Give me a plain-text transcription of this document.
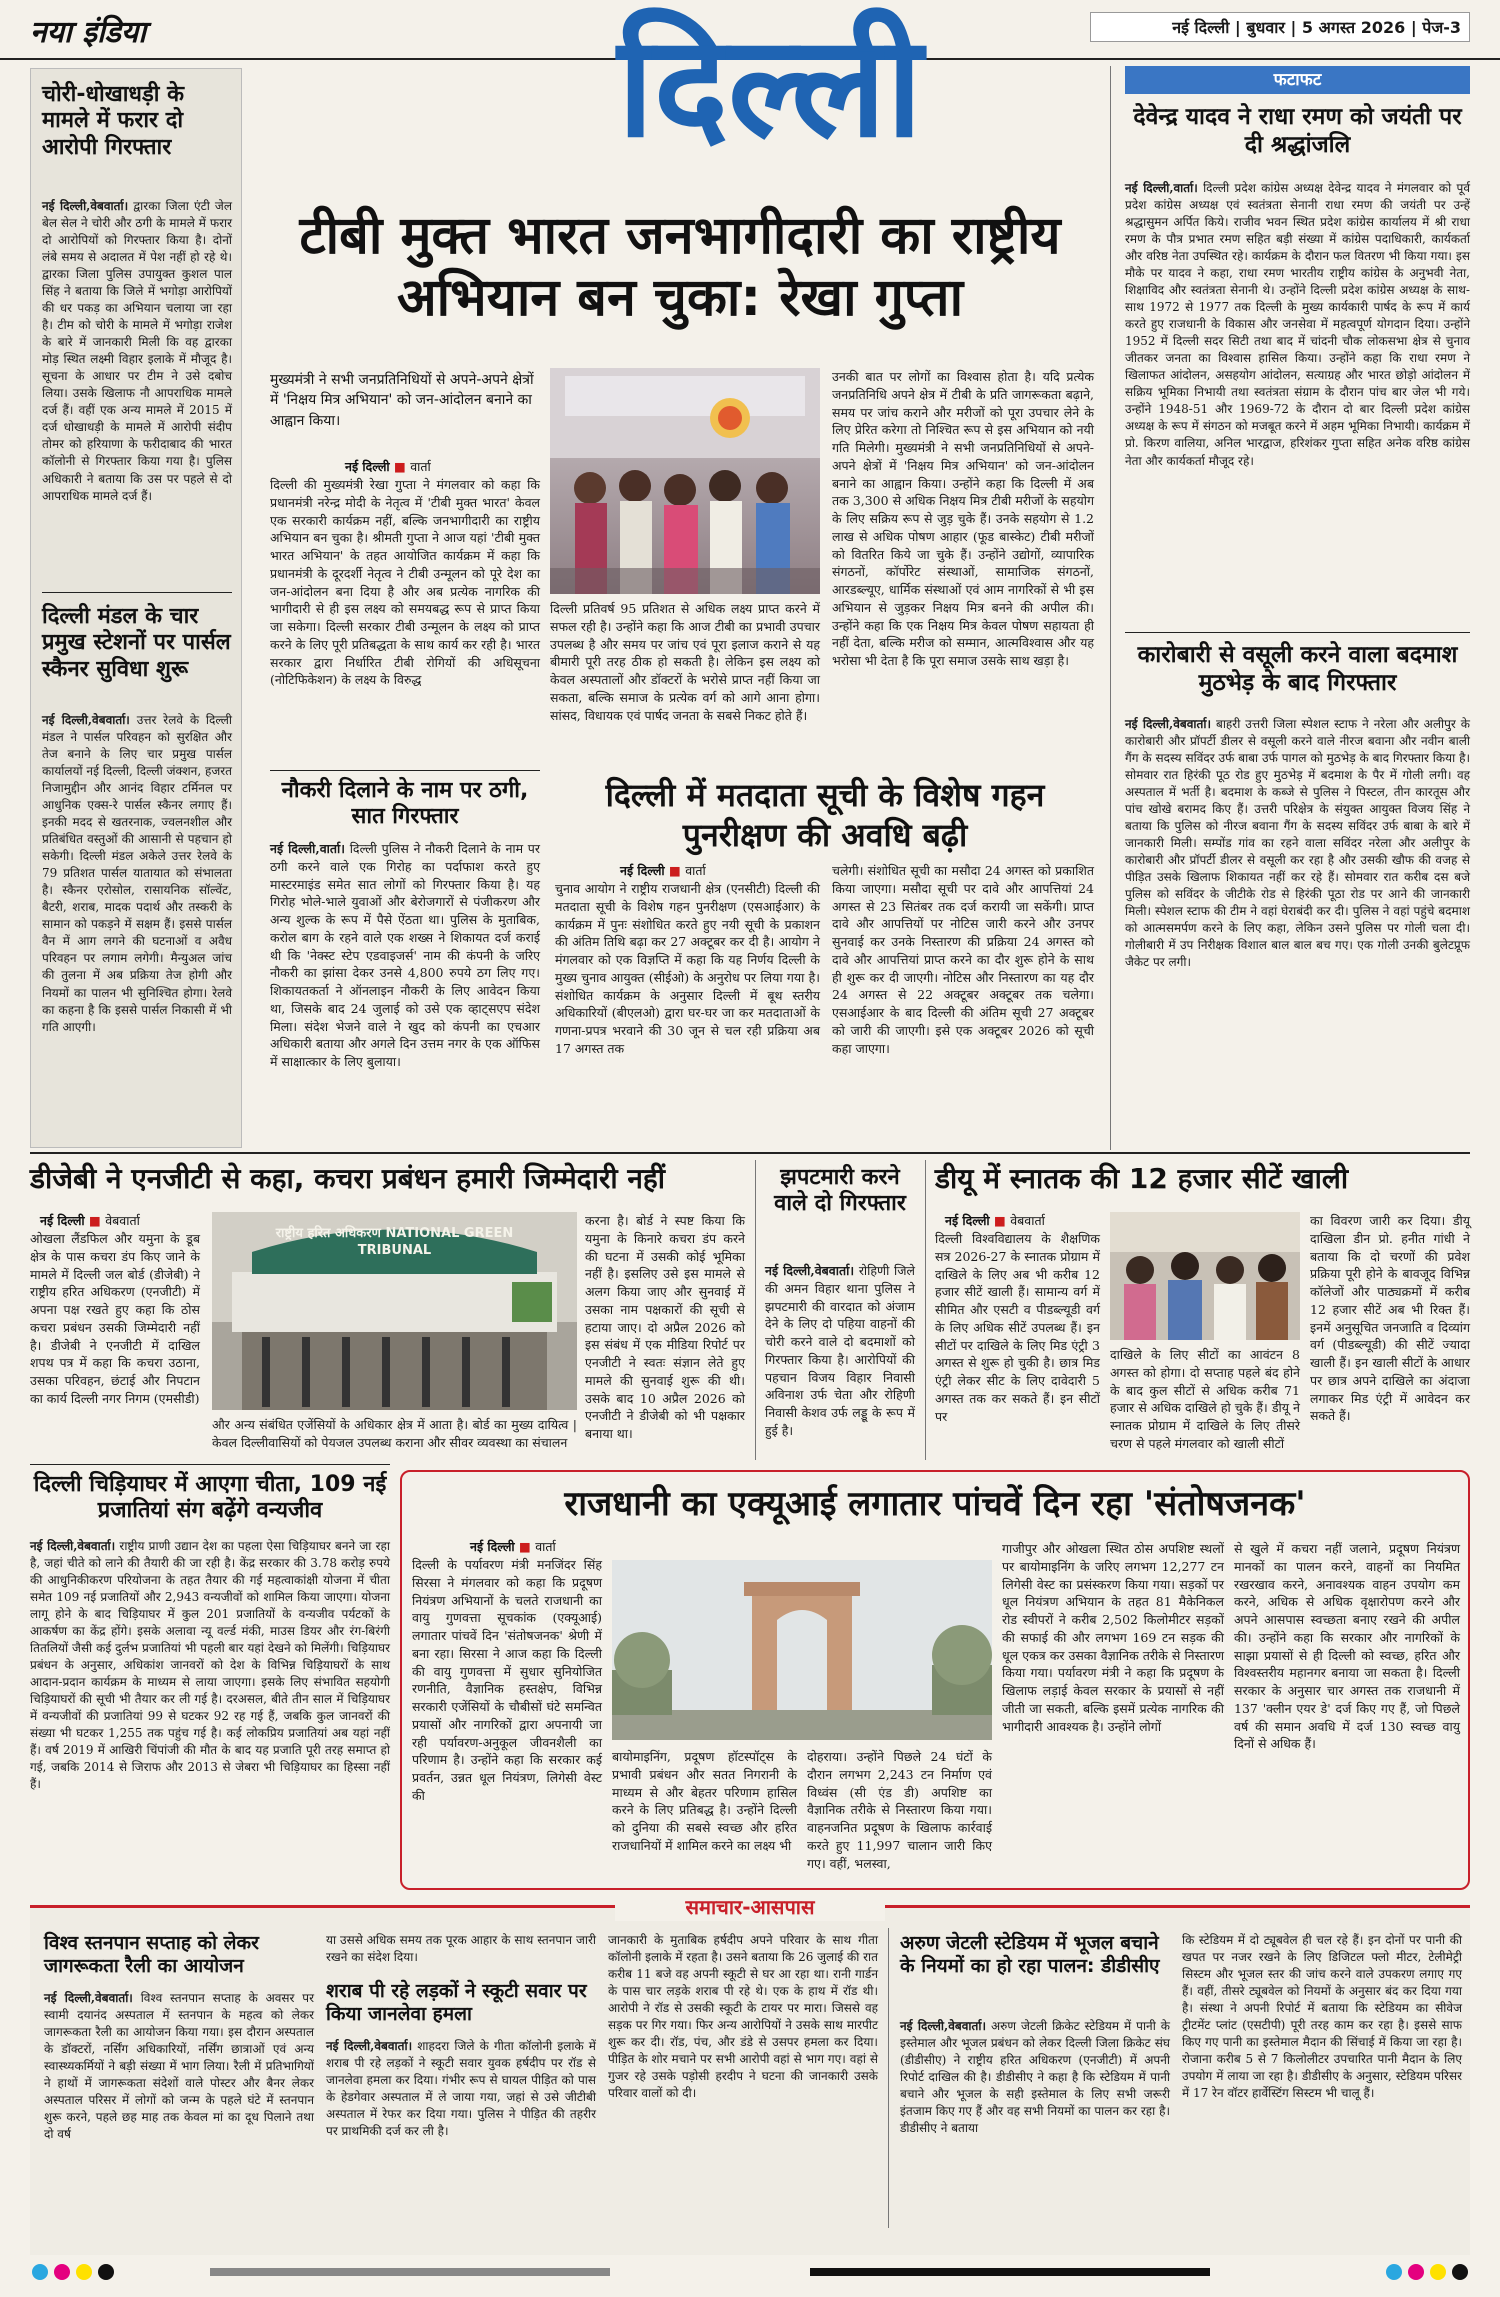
नया इंडिया	नई दिल्ली | बुधवार | 5 अगस्त 2026 | पेज-3
दिल्ली
चोरी-धोखाधड़ी के मामले में फरार दो आरोपी गिरफ्तार
नई दिल्ली,वेबवार्ता। द्वारका जिला एंटी जेल बेल सेल ने चोरी और ठगी के मामले में फरार दो आरोपियों को गिरफ्तार किया है। दोनों लंबे समय से अदालत में पेश नहीं हो रहे थे। द्वारका जिला पुलिस उपायुक्त कुशल पाल सिंह ने बताया कि जिले में भगोड़ा आरोपियों की धर पकड़ का अभियान चलाया जा रहा है। टीम को चोरी के मामले में भगोड़ा राजेश के बारे में जानकारी मिली कि वह द्वारका मोड़ स्थित लक्ष्मी विहार इलाके में मौजूद है। सूचना के आधार पर टीम ने उसे दबोच लिया। उसके खिलाफ नौ आपराधिक मामले दर्ज हैं। वहीं एक अन्य मामले में 2015 में दर्ज धोखाधड़ी के मामले में आरोपी संदीप तोमर को हरियाणा के फरीदाबाद की भारत कॉलोनी से गिरफ्तार किया गया है। पुलिस अधिकारी ने बताया कि उस पर पहले से दो आपराधिक मामले दर्ज हैं।
दिल्ली मंडल के चार प्रमुख स्टेशनों पर पार्सल स्कैनर सुविधा शुरू
नई दिल्ली,वेबवार्ता। उत्तर रेलवे के दिल्ली मंडल ने पार्सल परिवहन को सुरक्षित और तेज बनाने के लिए चार प्रमुख पार्सल कार्यालयों नई दिल्ली, दिल्ली जंक्शन, हजरत निजामुद्दीन और आनंद विहार टर्मिनल पर आधुनिक एक्स-रे पार्सल स्कैनर लगाए हैं। इनकी मदद से खतरनाक, ज्वलनशील और प्रतिबंधित वस्तुओं की आसानी से पहचान हो सकेगी। दिल्ली मंडल अकेले उत्तर रेलवे के 79 प्रतिशत पार्सल यातायात को संभालता है। स्कैनर एरोसोल, रासायनिक सॉल्वेंट, बैटरी, शराब, मादक पदार्थ और तस्करी के सामान को पकड़ने में सक्षम हैं। इससे पार्सल वैन में आग लगने की घटनाओं व अवैध परिवहन पर लगाम लगेगी। मैन्युअल जांच की तुलना में अब प्रक्रिया तेज होगी और नियमों का पालन भी सुनिश्चित होगा। रेलवे का कहना है कि इससे पार्सल निकासी में भी गति आएगी।
टीबी मुक्त भारत जनभागीदारी का राष्ट्रीय अभियान बन चुका: रेखा गुप्ता
मुख्यमंत्री ने सभी जनप्रतिनिधियों से अपने-अपने क्षेत्रों में 'निक्षय मित्र अभियान' को जन-आंदोलन बनाने का आह्वान किया।
नई दिल्ली ■ वार्ता
दिल्ली की मुख्यमंत्री रेखा गुप्ता ने मंगलवार को कहा कि प्रधानमंत्री नरेन्द्र मोदी के नेतृत्व में 'टीबी मुक्त भारत' केवल एक सरकारी कार्यक्रम नहीं, बल्कि जनभागीदारी का राष्ट्रीय अभियान बन चुका है। श्रीमती गुप्ता ने आज यहां 'टीबी मुक्त भारत अभियान' के तहत आयोजित कार्यक्रम में कहा कि प्रधानमंत्री के दूरदर्शी नेतृत्व ने टीबी उन्मूलन को पूरे देश का जन-आंदोलन बना दिया है और अब प्रत्येक नागरिक की भागीदारी से ही इस लक्ष्य को समयबद्ध रूप से प्राप्त किया जा सकेगा। दिल्ली सरकार टीबी उन्मूलन के लक्ष्य को प्राप्त करने के लिए पूरी प्रतिबद्धता के साथ कार्य कर रही है। भारत सरकार द्वारा निर्धारित टीबी रोगियों की अधिसूचना (नोटिफिकेशन) के लक्ष्य के विरुद्ध
दिल्ली प्रतिवर्ष 95 प्रतिशत से अधिक लक्ष्य प्राप्त करने में सफल रही है। उन्होंने कहा कि आज टीबी का प्रभावी उपचार उपलब्ध है और समय पर जांच एवं पूरा इलाज कराने से यह बीमारी पूरी तरह ठीक हो सकती है। लेकिन इस लक्ष्य को केवल अस्पतालों और डॉक्टरों के भरोसे प्राप्त नहीं किया जा सकता, बल्कि समाज के प्रत्येक वर्ग को आगे आना होगा। सांसद, विधायक एवं पार्षद जनता के सबसे निकट होते हैं।
उनकी बात पर लोगों का विश्वास होता है। यदि प्रत्येक जनप्रतिनिधि अपने क्षेत्र में टीबी के प्रति जागरूकता बढ़ाने, समय पर जांच कराने और मरीजों को पूरा उपचार लेने के लिए प्रेरित करेगा तो निश्चित रूप से इस अभियान को नयी गति मिलेगी। मुख्यमंत्री ने सभी जनप्रतिनिधियों से अपने-अपने क्षेत्रों में 'निक्षय मित्र अभियान' को जन-आंदोलन बनाने का आह्वान किया। उन्होंने कहा कि दिल्ली में अब तक 3,300 से अधिक निक्षय मित्र टीबी मरीजों के सहयोग के लिए सक्रिय रूप से जुड़ चुके हैं। उनके सहयोग से 1.2 लाख से अधिक पोषण आहार (फूड बास्केट) टीबी मरीजों को वितरित किये जा चुके हैं। उन्होंने उद्योगों, व्यापारिक संगठनों, कॉर्पोरेट संस्थाओं, सामाजिक संगठनों, आरडब्ल्यूए, धार्मिक संस्थाओं एवं आम नागरिकों से भी इस अभियान से जुड़कर निक्षय मित्र बनने की अपील की। उन्होंने कहा कि एक निक्षय मित्र केवल पोषण सहायता ही नहीं देता, बल्कि मरीज को सम्मान, आत्मविश्वास और यह भरोसा भी देता है कि पूरा समाज उसके साथ खड़ा है।
नौकरी दिलाने के नाम पर ठगी, सात गिरफ्तार
नई दिल्ली,वार्ता। दिल्ली पुलिस ने नौकरी दिलाने के नाम पर ठगी करने वाले एक गिरोह का पर्दाफाश करते हुए मास्टरमाइंड समेत सात लोगों को गिरफ्तार किया है। यह गिरोह भोले-भाले युवाओं और बेरोजगारों से पंजीकरण और अन्य शुल्क के रूप में पैसे ऐंठता था। पुलिस के मुताबिक, करोल बाग के रहने वाले एक शख्स ने शिकायत दर्ज कराई थी कि 'नेक्स्ट स्टेप एडवाइजर्स' नाम की कंपनी के जरिए नौकरी का झांसा देकर उनसे 4,800 रुपये ठग लिए गए। शिकायतकर्ता ने ऑनलाइन नौकरी के लिए आवेदन किया था, जिसके बाद 24 जुलाई को उसे एक व्हाट्सएप संदेश मिला। संदेश भेजने वाले ने खुद को कंपनी का एचआर अधिकारी बताया और अगले दिन उत्तम नगर के एक ऑफिस में साक्षात्कार के लिए बुलाया।
दिल्ली में मतदाता सूची के विशेष गहन पुनरीक्षण की अवधि बढ़ी
नई दिल्ली ■ वार्ता
चुनाव आयोग ने राष्ट्रीय राजधानी क्षेत्र (एनसीटी) दिल्ली की मतदाता सूची के विशेष गहन पुनरीक्षण (एसआईआर) के कार्यक्रम में पुनः संशोधित करते हुए नयी सूची के प्रकाशन की अंतिम तिथि बढ़ा कर 27 अक्टूबर कर दी है। आयोग ने मंगलवार को एक विज्ञप्ति में कहा कि यह निर्णय दिल्ली के मुख्य चुनाव आयुक्त (सीईओ) के अनुरोध पर लिया गया है। संशोधित कार्यक्रम के अनुसार दिल्ली में बूथ स्तरीय अधिकारियों (बीएलओ) द्वारा घर-घर जा कर मतदाताओं के गणना-प्रपत्र भरवाने की 30 जून से चल रही प्रक्रिया अब 17 अगस्त तक
चलेगी। संशोधित सूची का मसौदा 24 अगस्त को प्रकाशित किया जाएगा। मसौदा सूची पर दावे और आपत्तियां 24 अगस्त से 23 सितंबर तक दर्ज करायी जा सकेंगी। प्राप्त दावे और आपत्तियों पर नोटिस जारी करने और उनपर सुनवाई कर उनके निस्तारण की प्रक्रिया 24 अगस्त को दावे और आपत्तियां प्राप्त करने का दौर शुरू होने के साथ ही शुरू कर दी जाएगी। नोटिस और निस्तारण का यह दौर 24 अगस्त से 22 अक्टूबर अक्टूबर तक चलेगा। एसआईआर के बाद दिल्ली की अंतिम सूची 27 अक्टूबर को जारी की जाएगी। इसे एक अक्टूबर 2026 को सूची कहा जाएगा।
फटाफट
देवेन्द्र यादव ने राधा रमण को जयंती पर दी श्रद्धांजलि
नई दिल्ली,वार्ता। दिल्ली प्रदेश कांग्रेस अध्यक्ष देवेन्द्र यादव ने मंगलवार को पूर्व प्रदेश कांग्रेस अध्यक्ष एवं स्वतंत्रता सेनानी राधा रमण की जयंती पर उन्हें श्रद्धासुमन अर्पित किये। राजीव भवन स्थित प्रदेश कांग्रेस कार्यालय में श्री राधा रमण के पौत्र प्रभात रमण सहित बड़ी संख्या में कांग्रेस पदाधिकारी, कार्यकर्ता और वरिष्ठ नेता उपस्थित रहे। कार्यक्रम के दौरान फल वितरण भी किया गया। इस मौके पर यादव ने कहा, राधा रमण भारतीय राष्ट्रीय कांग्रेस के अनुभवी नेता, शिक्षाविद और स्वतंत्रता सेनानी थे। उन्होंने दिल्ली प्रदेश कांग्रेस अध्यक्ष के साथ-साथ 1972 से 1977 तक दिल्ली के मुख्य कार्यकारी पार्षद के रूप में कार्य करते हुए राजधानी के विकास और जनसेवा में महत्वपूर्ण योगदान दिया। उन्होंने 1952 में दिल्ली सदर सिटी तथा बाद में चांदनी चौक लोकसभा क्षेत्र से चुनाव जीतकर जनता का विश्वास हासिल किया। उन्होंने कहा कि राधा रमण ने खिलाफत आंदोलन, असहयोग आंदोलन, सत्याग्रह और भारत छोड़ो आंदोलन में सक्रिय भूमिका निभायी तथा स्वतंत्रता संग्राम के दौरान पांच बार जेल भी गये। उन्होंने 1948-51 और 1969-72 के दौरान दो बार दिल्ली प्रदेश कांग्रेस अध्यक्ष के रूप में संगठन को मजबूत करने में अहम भूमिका निभायी। कार्यक्रम में प्रो. किरण वालिया, अनिल भारद्वाज, हरिशंकर गुप्ता सहित अनेक वरिष्ठ कांग्रेस नेता और कार्यकर्ता मौजूद रहे।
कारोबारी से वसूली करने वाला बदमाश मुठभेड़ के बाद गिरफ्तार
नई दिल्ली,वेबवार्ता। बाहरी उत्तरी जिला स्पेशल स्टाफ ने नरेला और अलीपुर के कारोबारी और प्रॉपर्टी डीलर से वसूली करने वाले नीरज बवाना और नवीन बाली गैंग के सदस्य सविंदर उर्फ बाबा उर्फ पागल को मुठभेड़ के बाद गिरफ्तार किया है। सोमवार रात हिरंकी पूठ रोड हुए मुठभेड़ में बदमाश के पैर में गोली लगी। वह अस्पताल में भर्ती है। बदमाश के कब्जे से पुलिस ने पिस्टल, तीन कारतूस और पांच खोखे बरामद किए हैं। उत्तरी परिक्षेत्र के संयुक्त आयुक्त विजय सिंह ने बताया कि पुलिस को नीरज बवाना गैंग के सदस्य सविंदर उर्फ बाबा के बारे में जानकारी मिली। सम्पोंड गांव का रहने वाला सविंदर नरेला और अलीपुर के कारोबारी और प्रॉपर्टी डीलर से वसूली कर रहा है और उसकी खौफ की वजह से पीड़ित उसके खिलाफ शिकायत नहीं कर रहे हैं। सोमवार रात करीब दस बजे पुलिस को सविंदर के जीटीके रोड से हिरंकी पूठा रोड पर आने की जानकारी मिली। स्पेशल स्टाफ की टीम ने वहां घेराबंदी कर दी। पुलिस ने वहां पहुंचे बदमाश को आत्मसमर्पण करने के लिए कहा, लेकिन उसने पुलिस पर गोली चला दी। गोलीबारी में उप निरीक्षक विशाल बाल बाल बच गए। एक गोली उनकी बुलेटप्रूफ जैकेट पर लगी।
डीजेबी ने एनजीटी से कहा, कचरा प्रबंधन हमारी जिम्मेदारी नहीं
नई दिल्ली ■ वेबवार्ता
ओखला लैंडफिल और यमुना के डूब क्षेत्र के पास कचरा डंप किए जाने के मामले में दिल्ली जल बोर्ड (डीजेबी) ने राष्ट्रीय हरित अधिकरण (एनजीटी) में अपना पक्ष रखते हुए कहा कि ठोस कचरा प्रबंधन उसकी जिम्मेदारी नहीं है। डीजेबी ने एनजीटी में दाखिल शपथ पत्र में कहा कि कचरा उठाना, उसका परिवहन, छंटाई और निपटान का कार्य दिल्ली नगर निगम (एमसीडी)
राष्ट्रीय हरित अधिकरण NATIONAL GREEN TRIBUNAL
और अन्य संबंधित एजेंसियों के अधिकार क्षेत्र में आता है। बोर्ड का मुख्य दायित्व | केवल दिल्लीवासियों को पेयजल उपलब्ध कराना और सीवर व्यवस्था का संचालन
करना है। बोर्ड ने स्पष्ट किया कि यमुना के किनारे कचरा डंप करने की घटना में उसकी कोई भूमिका नहीं है। इसलिए उसे इस मामले से अलग किया जाए और सुनवाई में उसका नाम पक्षकारों की सूची से हटाया जाए। दो अप्रैल 2026 को इस संबंध में एक मीडिया रिपोर्ट पर एनजीटी ने स्वतः संज्ञान लेते हुए मामले की सुनवाई शुरू की थी। उसके बाद 10 अप्रैल 2026 को एनजीटी ने डीजेबी को भी पक्षकार बनाया था।
झपटमारी करने वाले दो गिरफ्तार
नई दिल्ली,वेबवार्ता। रोहिणी जिले की अमन विहार थाना पुलिस ने झपटमारी की वारदात को अंजाम देने के लिए दो पहिया वाहनों की चोरी करने वाले दो बदमाशों को गिरफ्तार किया है। आरोपियों की पहचान विजय विहार निवासी अविनाश उर्फ चेता और रोहिणी निवासी केशव उर्फ लड्डू के रूप में हुई है।
डीयू में स्नातक की 12 हजार सीटें खाली
नई दिल्ली ■ वेबवार्ता
दिल्ली विश्वविद्यालय के शैक्षणिक सत्र 2026-27 के स्नातक प्रोग्राम में दाखिले के लिए अब भी करीब 12 हजार सीटें खाली हैं। सामान्य वर्ग में सीमित और एसटी व पीडब्ल्यूडी वर्ग के लिए अधिक सीटें उपलब्ध हैं। इन सीटों पर दाखिले के लिए मिड एंट्री 3 अगस्त से शुरू हो चुकी है। छात्र मिड एंट्री लेकर सीट के लिए दावेदारी 5 अगस्त तक कर सकते हैं। इन सीटों पर
दाखिले के लिए सीटों का आवंटन 8 अगस्त को होगा। दो सप्ताह पहले बंद होने के बाद कुल सीटों से अधिक करीब 71 हजार से अधिक दाखिले हो चुके हैं। डीयू ने स्नातक प्रोग्राम में दाखिले के लिए तीसरे चरण से पहले मंगलवार को खाली सीटों
का विवरण जारी कर दिया। डीयू दाखिला डीन प्रो. हनीत गांधी ने बताया कि दो चरणों की प्रवेश प्रक्रिया पूरी होने के बावजूद विभिन्न कॉलेजों और पाठ्यक्रमों में करीब 12 हजार सीटें अब भी रिक्त हैं। इनमें अनुसूचित जनजाति व दिव्यांग वर्ग (पीडब्ल्यूडी) की सीटें ज्यादा खाली हैं। इन खाली सीटों के आधार पर छात्र अपने दाखिले का अंदाजा लगाकर मिड एंट्री में आवेदन कर सकते हैं।
दिल्ली चिड़ियाघर में आएगा चीता, 109 नई प्रजातियां संग बढ़ेंगे वन्यजीव
नई दिल्ली,वेबवार्ता। राष्ट्रीय प्राणी उद्यान देश का पहला ऐसा चिड़ियाघर बनने जा रहा है, जहां चीते को लाने की तैयारी की जा रही है। केंद्र सरकार की 3.78 करोड़ रुपये की आधुनिकीकरण परियोजना के तहत तैयार की गई महत्वाकांक्षी योजना में चीता समेत 109 नई प्रजातियों और 2,943 वन्यजीवों को शामिल किया जाएगा। योजना लागू होने के बाद चिड़ियाघर में कुल 201 प्रजातियों के वन्यजीव पर्यटकों के आकर्षण का केंद्र होंगे। इसके अलावा न्यू वर्ल्ड मंकी, माउस डियर और रंग-बिरंगी तितलियों जैसी कई दुर्लभ प्रजातियां भी पहली बार यहां देखने को मिलेंगी। चिड़ियाघर प्रबंधन के अनुसार, अधिकांश जानवरों को देश के विभिन्न चिड़ियाघरों के साथ आदान-प्रदान कार्यक्रम के माध्यम से लाया जाएगा। इसके लिए संभावित सहयोगी चिड़ियाघरों की सूची भी तैयार कर ली गई है। दरअसल, बीते तीन साल में चिड़ियाघर में वन्यजीवों की प्रजातियां 99 से घटकर 92 रह गई हैं, जबकि कुल जानवरों की संख्या भी घटकर 1,255 तक पहुंच गई है। कई लोकप्रिय प्रजातियां अब यहां नहीं हैं। वर्ष 2019 में आखिरी चिंपांजी की मौत के बाद यह प्रजाति पूरी तरह समाप्त हो गई, जबकि 2014 से जिराफ और 2013 से जेबरा भी चिड़ियाघर का हिस्सा नहीं हैं।
राजधानी का एक्यूआई लगातार पांचवें दिन रहा 'संतोषजनक'
नई दिल्ली ■ वार्ता
दिल्ली के पर्यावरण मंत्री मनजिंदर सिंह सिरसा ने मंगलवार को कहा कि प्रदूषण नियंत्रण अभियानों के चलते राजधानी का वायु गुणवत्ता सूचकांक (एक्यूआई) लगातार पांचवें दिन 'संतोषजनक' श्रेणी में बना रहा। सिरसा ने आज कहा कि दिल्ली की वायु गुणवत्ता में सुधार सुनियोजित रणनीति, वैज्ञानिक हस्तक्षेप, विभिन्न सरकारी एजेंसियों के चौबीसों घंटे समन्वित प्रयासों और नागरिकों द्वारा अपनायी जा रही पर्यावरण-अनुकूल जीवनशैली का परिणाम है। उन्होंने कहा कि सरकार कई प्रवर्तन, उन्नत धूल नियंत्रण, लिगेसी वेस्ट की
बायोमाइनिंग, प्रदूषण हॉटस्पॉट्स के प्रभावी प्रबंधन और सतत निगरानी के माध्यम से और बेहतर परिणाम हासिल करने के लिए प्रतिबद्ध है। उन्होंने दिल्ली को दुनिया की सबसे स्वच्छ और हरित राजधानियों में शामिल करने का लक्ष्य भी
दोहराया। उन्होंने पिछले 24 घंटों के दौरान लगभग 2,243 टन निर्माण एवं विध्वंस (सी एंड डी) अपशिष्ट का वैज्ञानिक तरीके से निस्तारण किया गया। वाहनजनित प्रदूषण के खिलाफ कार्रवाई करते हुए 11,997 चालान जारी किए गए। वहीं, भलस्वा,
गाजीपुर और ओखला स्थित ठोस अपशिष्ट स्थलों पर बायोमाइनिंग के जरिए लगभग 12,277 टन लिगेसी वेस्ट का प्रसंस्करण किया गया। सड़कों पर धूल नियंत्रण अभियान के तहत 81 मैकेनिकल रोड स्वीपरों ने करीब 2,502 किलोमीटर सड़कों की सफाई की और लगभग 169 टन सड़क की धूल एकत्र कर उसका वैज्ञानिक तरीके से निस्तारण किया गया। पर्यावरण मंत्री ने कहा कि प्रदूषण के खिलाफ लड़ाई केवल सरकार के प्रयासों से नहीं जीती जा सकती, बल्कि इसमें प्रत्येक नागरिक की भागीदारी आवश्यक है। उन्होंने लोगों
से खुले में कचरा नहीं जलाने, प्रदूषण नियंत्रण मानकों का पालन करने, वाहनों का नियमित रखरखाव करने, अनावश्यक वाहन उपयोग कम करने, अधिक से अधिक वृक्षारोपण करने और अपने आसपास स्वच्छता बनाए रखने की अपील की। उन्होंने कहा कि सरकार और नागरिकों के साझा प्रयासों से ही दिल्ली को स्वच्छ, हरित और विश्वस्तरीय महानगर बनाया जा सकता है। दिल्ली सरकार के अनुसार चार अगस्त तक राजधानी में 137 'क्लीन एयर डे' दर्ज किए गए हैं, जो पिछले वर्ष की समान अवधि में दर्ज 130 स्वच्छ वायु दिनों से अधिक हैं।
समाचार-आसपास
विश्व स्तनपान सप्ताह को लेकर जागरूकता रैली का आयोजन
नई दिल्ली,वेबवार्ता। विश्व स्तनपान सप्ताह के अवसर पर स्वामी दयानंद अस्पताल में स्तनपान के महत्व को लेकर जागरूकता रैली का आयोजन किया गया। इस दौरान अस्पताल के डॉक्टरों, नर्सिंग अधिकारियों, नर्सिंग छात्राओं एवं अन्य स्वास्थ्यकर्मियों ने बड़ी संख्या में भाग लिया। रैली में प्रतिभागियों ने हाथों में जागरूकता संदेशों वाले पोस्टर और बैनर लेकर अस्पताल परिसर में लोगों को जन्म के पहले घंटे में स्तनपान शुरू करने, पहले छह माह तक केवल मां का दूध पिलाने तथा दो वर्ष
या उससे अधिक समय तक पूरक आहार के साथ स्तनपान जारी रखने का संदेश दिया।
शराब पी रहे लड़कों ने स्कूटी सवार पर किया जानलेवा हमला
नई दिल्ली,वेबवार्ता। शाहदरा जिले के गीता कॉलोनी इलाके में शराब पी रहे लड़कों ने स्कूटी सवार युवक हर्षदीप पर रॉड से जानलेवा हमला कर दिया। गंभीर रूप से घायल पीड़ित को पास के हेडगेवार अस्पताल में ले जाया गया, जहां से उसे जीटीबी अस्पताल में रेफर कर दिया गया। पुलिस ने पीड़ित की तहरीर पर प्राथमिकी दर्ज कर ली है।
जानकारी के मुताबिक हर्षदीप अपने परिवार के साथ गीता कॉलोनी इलाके में रहता है। उसने बताया कि 26 जुलाई की रात करीब 11 बजे वह अपनी स्कूटी से घर आ रहा था। रानी गार्डन के पास चार लड़के शराब पी रहे थे। एक के हाथ में रॉड थी। आरोपी ने रॉड से उसकी स्कूटी के टायर पर मारा। जिससे वह सड़क पर गिर गया। फिर अन्य आरोपियों ने उसके साथ मारपीट शुरू कर दी। रॉड, पंच, और डंडे से उसपर हमला कर दिया। पीड़ित के शोर मचाने पर सभी आरोपी वहां से भाग गए। वहां से गुजर रहे उसके पड़ोसी हरदीप ने घटना की जानकारी उसके परिवार वालों को दी।
अरुण जेटली स्टेडियम में भूजल बचाने के नियमों का हो रहा पालन: डीडीसीए
नई दिल्ली,वेबवार्ता। अरुण जेटली क्रिकेट स्टेडियम में पानी के इस्तेमाल और भूजल प्रबंधन को लेकर दिल्ली जिला क्रिकेट संघ (डीडीसीए) ने राष्ट्रीय हरित अधिकरण (एनजीटी) में अपनी रिपोर्ट दाखिल की है। डीडीसीए ने कहा है कि स्टेडियम में पानी बचाने और भूजल के सही इस्तेमाल के लिए सभी जरूरी इंतजाम किए गए हैं और वह सभी नियमों का पालन कर रहा है। डीडीसीए ने बताया
कि स्टेडियम में दो ट्यूबवेल ही चल रहे हैं। इन दोनों पर पानी की खपत पर नजर रखने के लिए डिजिटल फ्लो मीटर, टेलीमेट्री सिस्टम और भूजल स्तर की जांच करने वाले उपकरण लगाए गए हैं। वहीं, तीसरे ट्यूबवेल को नियमों के अनुसार बंद कर दिया गया है। संस्था ने अपनी रिपोर्ट में बताया कि स्टेडियम का सीवेज ट्रीटमेंट प्लांट (एसटीपी) पूरी तरह काम कर रहा है। इससे साफ किए गए पानी का इस्तेमाल मैदान की सिंचाई में किया जा रहा है। रोजाना करीब 5 से 7 किलोलीटर उपचारित पानी मैदान के लिए उपयोग में लाया जा रहा है। डीडीसीए के अनुसार, स्टेडियम परिसर में 17 रेन वॉटर हार्वेस्टिंग सिस्टम भी चालू हैं।
